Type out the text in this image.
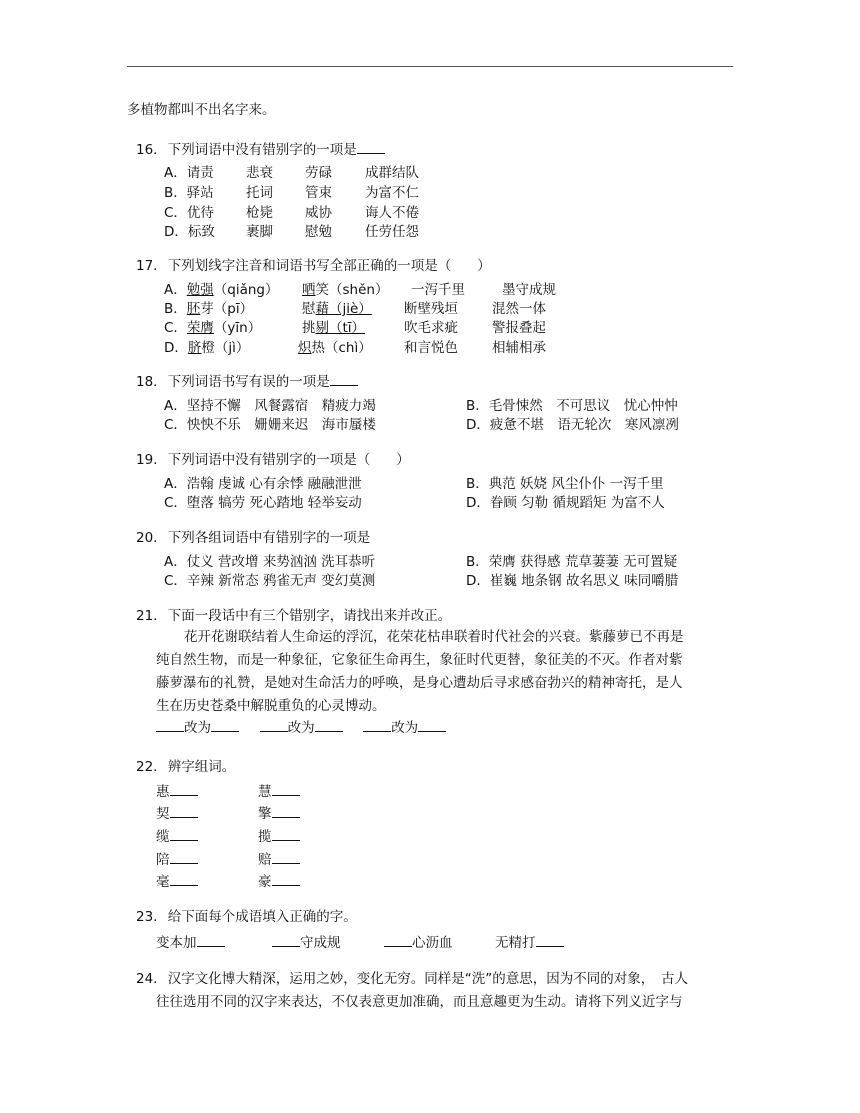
多植物都叫不出名字来。
16. 下列词语中没有错别字的一项是
A．请责 悲衰 劳碌 成群结队
B．驿站 托词 管束 为富不仁
C．优待 枪毙 威协 诲人不倦
D．标致 裹脚 慰勉 任劳任怨
17. 下列划线字注音和词语书写全部正确的一项是（ ）
A．勉强（qiǎng） 哂笑（shěn） 一泻千里	墨守成规
B．胚芽（pī）	慰藉（jiè） 断壁残垣	混然一体
C．荣膺（yīn）	挑剔（tī）	吹毛求疵	警报叠起
D．脐橙（jì）	炽热（chì） 和言悦色	相辅相承
18. 下列词语书写有误的一项是
A．坚持不懈　风餐露宿　精疲力竭	B．毛骨悚然　不可思议　忧心忡忡
C．怏怏不乐　姗姗来迟　海市蜃楼	D．疲惫不堪　语无轮次　寒风凛冽
19. 下列词语中没有错别字的一项是（ ）
A．浩翰 虔诚 心有余悸 融融泄泄	B．典范 妖娆 风尘仆仆 一泻千里
C．堕落 犒劳 死心踏地 轻举妄动	D．眷顾 匀勒 循规蹈矩 为富不人
20. 下列各组词语中有错别字的一项是
A．仗义 营改增 来势汹汹 洗耳恭听	B．荣膺 获得感 荒草萋萋 无可置疑
C．辛辣 新常态 鸦雀无声 变幻莫测	D．崔巍 地条钢 故名思义 味同嚼腊
21. 下面一段话中有三个错别字，请找出来并改正。
花开花谢联结着人生命运的浮沉，花荣花枯串联着时代社会的兴衰。紫藤萝已不再是
纯自然生物，而是一种象征，它象征生命再生，象征时代更替，象征美的不灭。作者对紫
藤萝瀑布的礼赞，是她对生命活力的呼唤，是身心遭劫后寻求感奋勃兴的精神寄托，是人
生在历史苍桑中解脱重负的心灵博动。
改为	改为	改为
22. 辨字组词。
惠	慧
契	擎
缆	揽
陪	赔
毫	豪
23. 给下面每个成语填入正确的字。
变本加	守成规	心沥血	无精打
24. 汉字文化博大精深，运用之妙，变化无穷。同样是“洗”的意思，因为不同的对象，　古人
往往选用不同的汉字来表达，不仅表意更加准确，而且意趣更为生动。请将下列义近字与
